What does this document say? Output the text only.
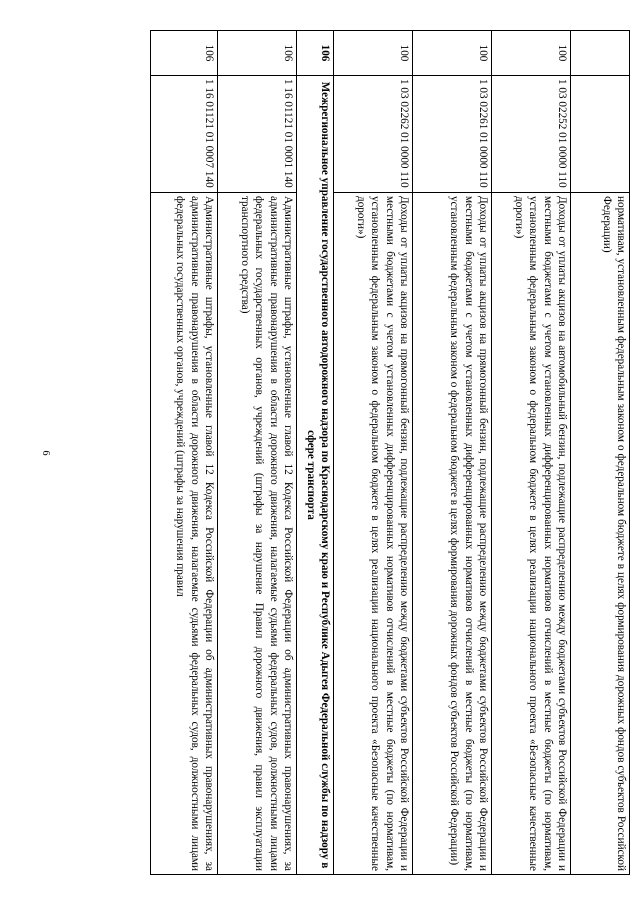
6
			нормативам, установленным федеральным законом о федеральном бюджете в целях формирования дорожных фондов субъектов Российской Федерации)
100	1 03 02252 01 0000 110	Доходы от уплаты акцизов на автомобильный бензин, подлежащие распределению между бюджетами субъектов Российской Федерации и местными бюджетами с учетом установленных дифференцированных нормативов отчислений в местные бюджеты (по нормативам, установленным федеральным законом о федеральном бюджете в целях реализации национального проекта «Безопасные качественные дороги»)
100	1 03 02261 01 0000 110	Доходы от уплаты акцизов на прямогонный бензин, подлежащие распределению между бюджетами субъектов Российской Федерации и местными бюджетами с учетом установленных дифференцированных нормативов отчислений в местные бюджеты (по нормативам, установленным федеральным законом о федеральном бюджете в целях формирования дорожных фондов субъектов Российской Федерации)
100	1 03 02262 01 0000 110	Доходы от уплаты акцизов на прямогонный бензин, подлежащие распределению между бюджетами субъектов Российской Федерации и местными бюджетами с учетом установленных дифференцированных нормативов отчислений в местные бюджеты (по нормативам, установленным федеральным законом о федеральном бюджете в целях реализации национального проекта «Безопасные качественные дороги»)
106	Межрегиональное управление государственного автодорожного надзора по Краснодарскому краю и Республике Адыгея Федеральной службы по надзору в сфере транспорта	
106	1 16 01121 01 0001 140	Административные штрафы, установленные главой 12 Кодекса Российской Федерации об административных правонарушениях, за административные правонарушения в области дорожного движения, налагаемые судьями федеральных судов, должностными лицами федеральных государственных органов, учреждений (штрафы за нарушение Правил дорожного движения, правил эксплуатации транспортного средства)
106	1 16 01121 01 0007 140	Административные штрафы, установленные главой 12 Кодекса Российской Федерации об административных правонарушениях, за административные правонарушения в области дорожного движения, налагаемые судьями федеральных судов, должностными лицами федеральных государственных органов, учреждений (штрафы за нарушения правил
